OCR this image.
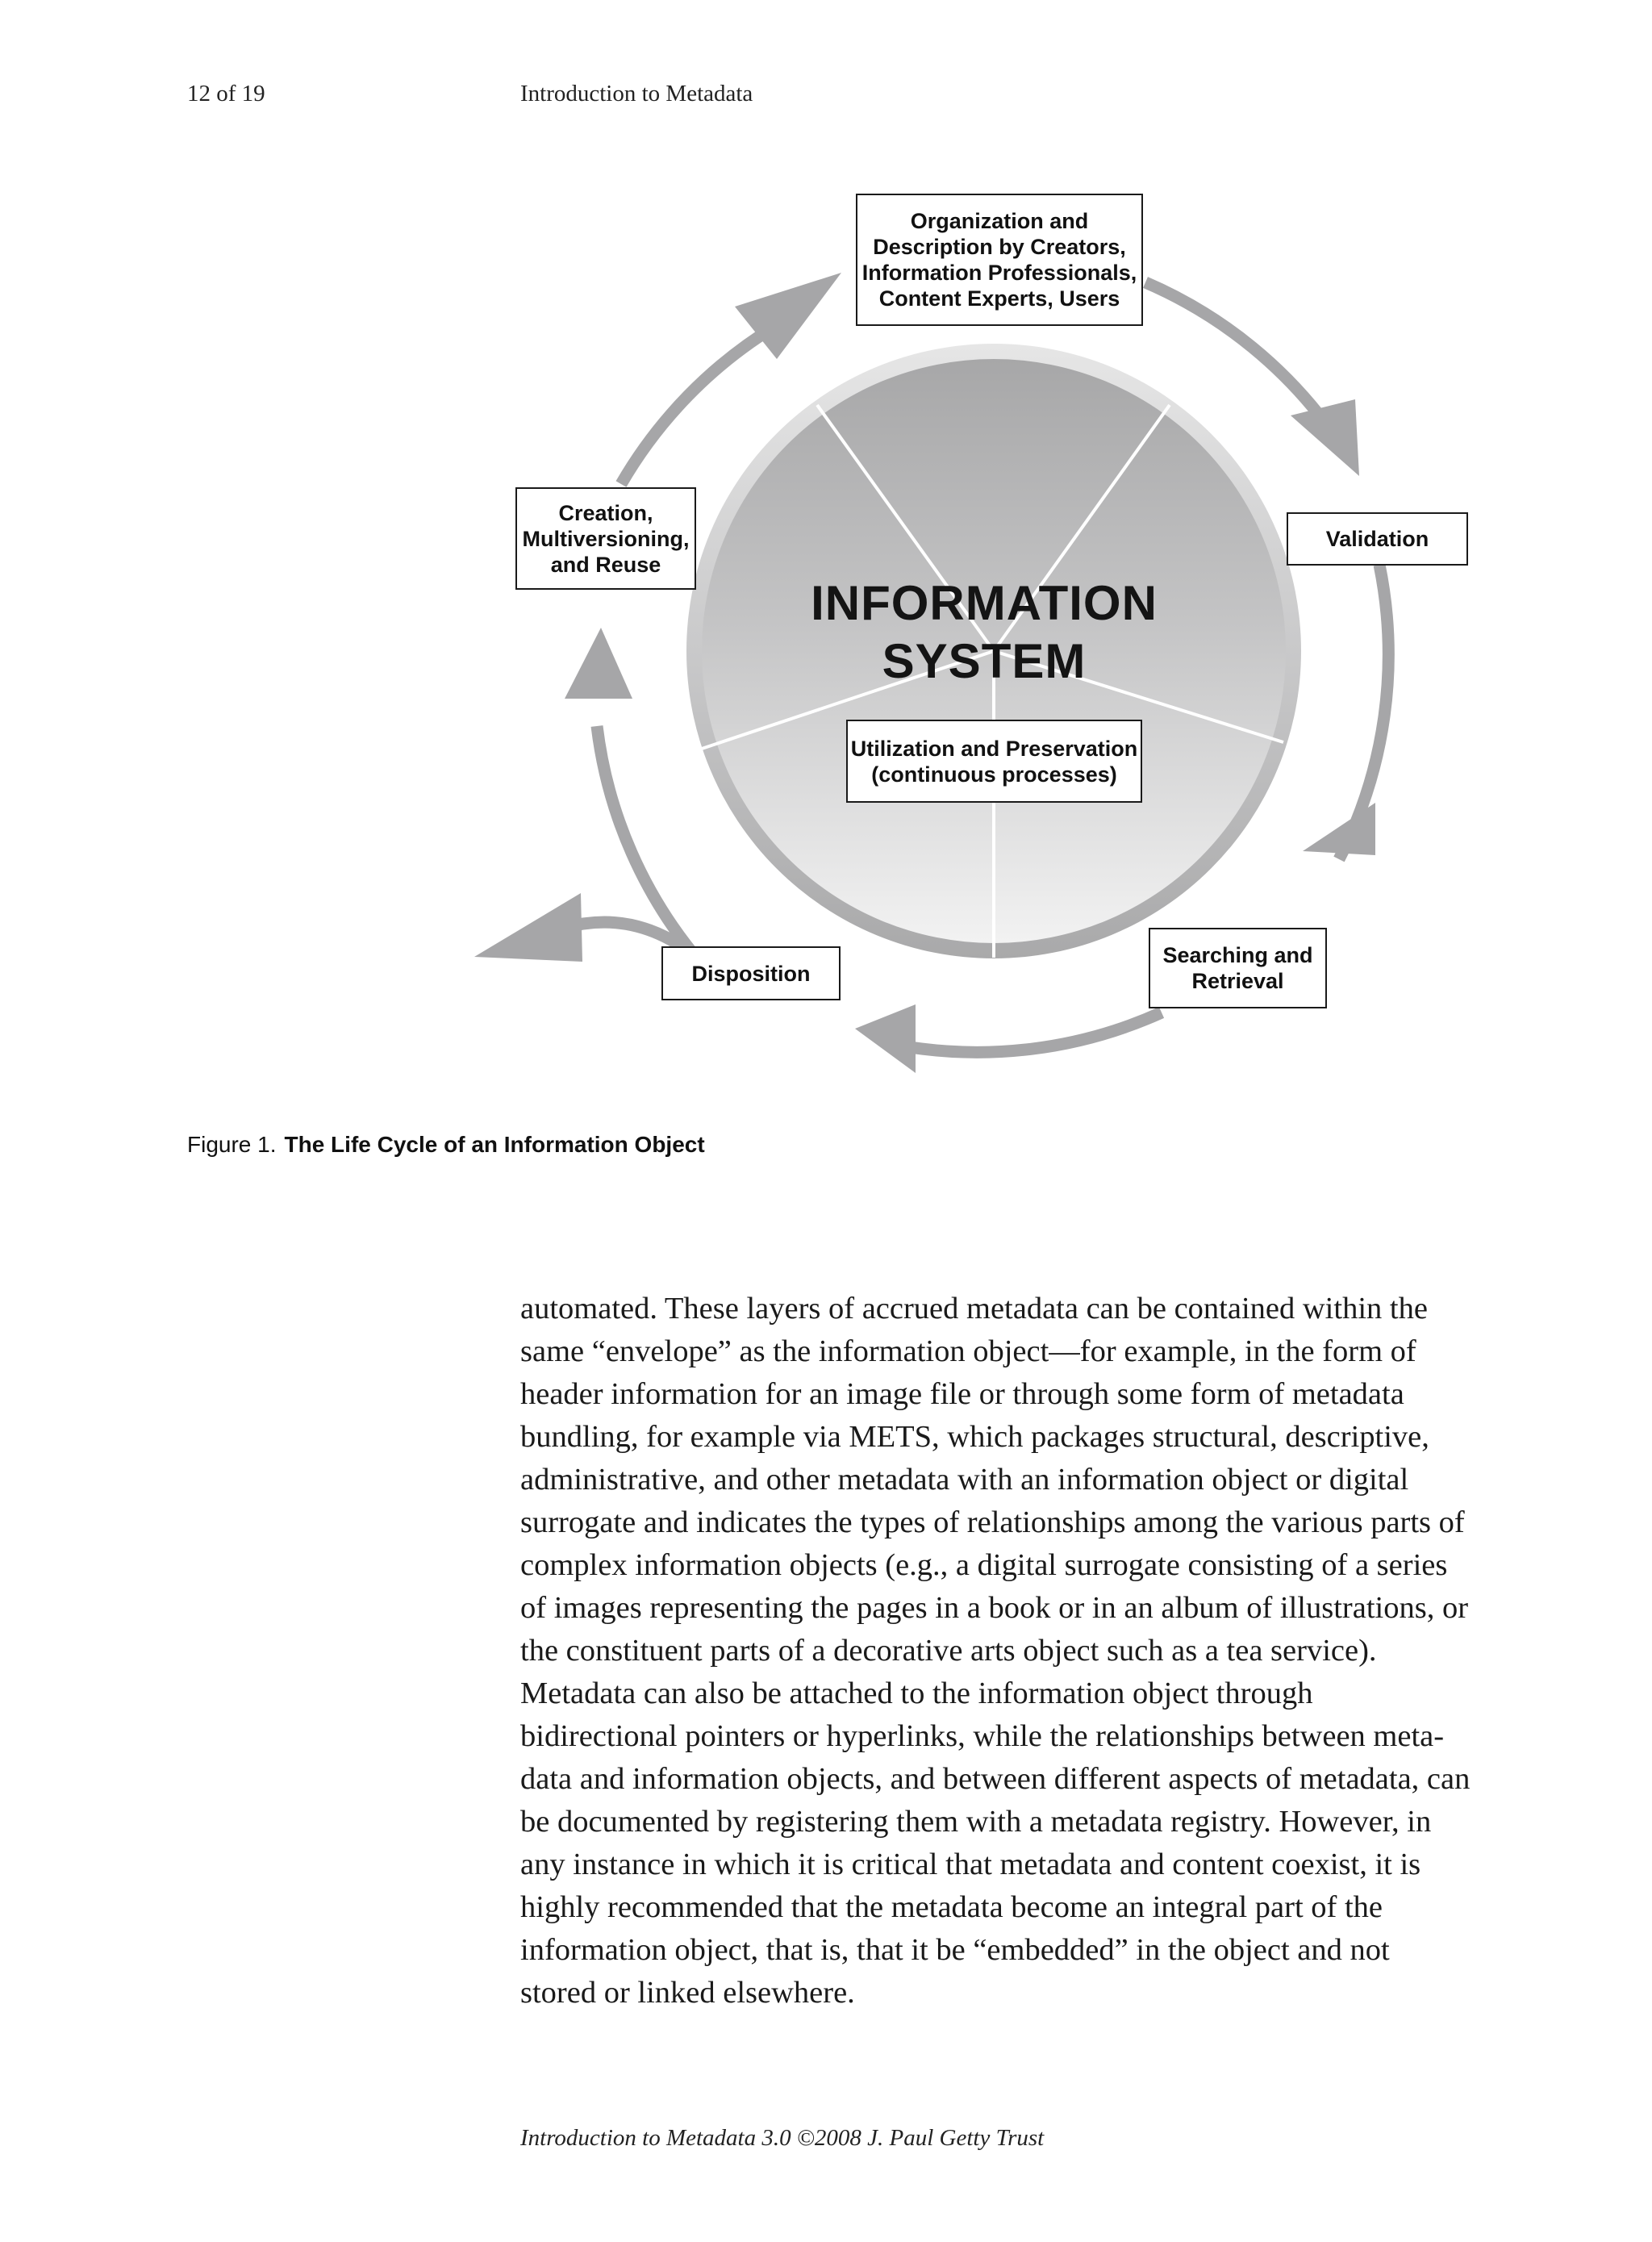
12 of 19	Introduction to Metadata
INFORMATION
SYSTEM
Organization and
Description by Creators,
Information Professionals,
Content Experts, Users
Validation
Searching and
Retrieval
Disposition
Creation,
Multiversioning,
and Reuse
Utilization and Preservation
(continuous processes)
Figure 1. The Life Cycle of an Information Object

automated. These layers of accrued metadata can be contained within the same “envelope” as the information object—for example, in the form of header information for an image file or through some form of metadata bundling, for example via METS, which packages structural, descriptive, administrative, and other metadata with an information object or digital surrogate and indicates the types of relationships among the various parts of complex information objects (e.g., a digital surrogate consisting of a series of images representing the pages in a book or in an album of illustrations, or the constituent parts of a decorative arts object such as a tea service). Metadata can also be attached to the information object through bidirectional pointers or hyperlinks, while the relationships between metadata and information objects, and between different aspects of metadata, can be documented by registering them with a metadata registry. However, in any instance in which it is critical that metadata and content coexist, it is highly recommended that the metadata become an integral part of the information object, that is, that it be “embedded” in the object and not stored or linked elsewhere.

Introduction to Metadata 3.0 ©2008 J. Paul Getty Trust
